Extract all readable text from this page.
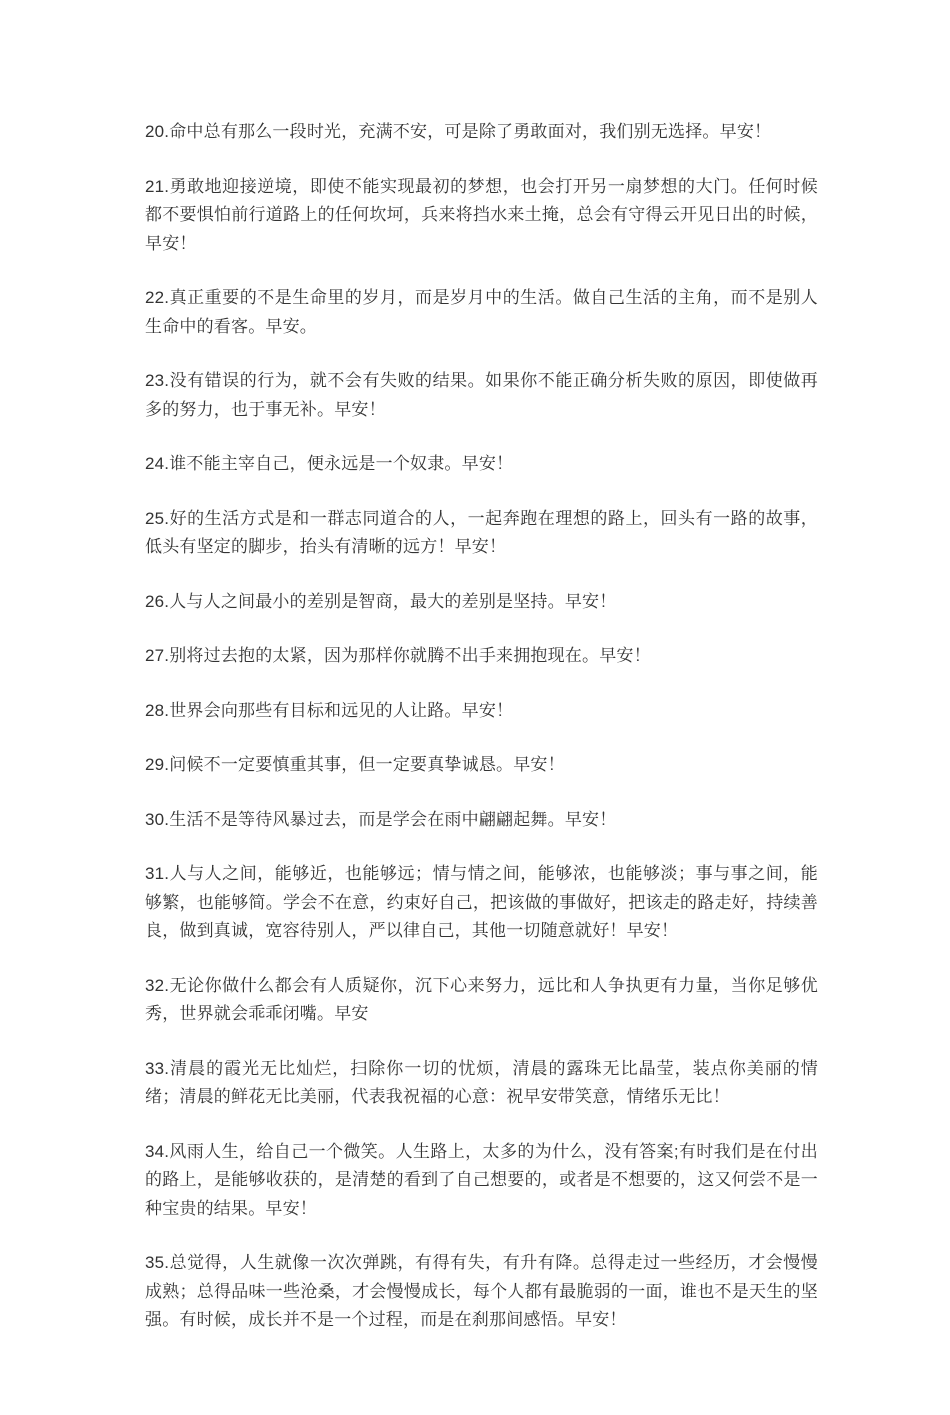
20.命中总有那么一段时光，充满不安，可是除了勇敢面对，我们别无选择。早安！

21.勇敢地迎接逆境，即使不能实现最初的梦想，也会打开另一扇梦想的大门。任何时候都不要惧怕前行道路上的任何坎坷，兵来将挡水来土掩，总会有守得云开见日出的时候，早安！

22.真正重要的不是生命里的岁月，而是岁月中的生活。做自己生活的主角，而不是别人生命中的看客。早安。

23.没有错误的行为，就不会有失败的结果。如果你不能正确分析失败的原因，即使做再多的努力，也于事无补。早安！

24.谁不能主宰自己，便永远是一个奴隶。早安！

25.好的生活方式是和一群志同道合的人，一起奔跑在理想的路上，回头有一路的故事，低头有坚定的脚步，抬头有清晰的远方！早安！

26.人与人之间最小的差别是智商，最大的差别是坚持。早安！

27.别将过去抱的太紧，因为那样你就腾不出手来拥抱现在。早安！

28.世界会向那些有目标和远见的人让路。早安！

29.问候不一定要慎重其事，但一定要真挚诚恳。早安！

30.生活不是等待风暴过去，而是学会在雨中翩翩起舞。早安！

31.人与人之间，能够近，也能够远；情与情之间，能够浓，也能够淡；事与事之间，能够繁，也能够简。学会不在意，约束好自己，把该做的事做好，把该走的路走好，持续善良，做到真诚，宽容待别人，严以律自己，其他一切随意就好！早安！

32.无论你做什么都会有人质疑你，沉下心来努力，远比和人争执更有力量，当你足够优秀，世界就会乖乖闭嘴。早安

33.清晨的霞光无比灿烂，扫除你一切的忧烦，清晨的露珠无比晶莹，装点你美丽的情绪；清晨的鲜花无比美丽，代表我祝福的心意：祝早安带笑意，情绪乐无比！

34.风雨人生，给自己一个微笑。人生路上，太多的为什么，没有答案;有时我们是在付出的路上，是能够收获的，是清楚的看到了自己想要的，或者是不想要的，这又何尝不是一种宝贵的结果。早安！

35.总觉得，人生就像一次次弹跳，有得有失，有升有降。总得走过一些经历，才会慢慢成熟；总得品味一些沧桑，才会慢慢成长，每个人都有最脆弱的一面，谁也不是天生的坚强。有时候，成长并不是一个过程，而是在刹那间感悟。早安！
